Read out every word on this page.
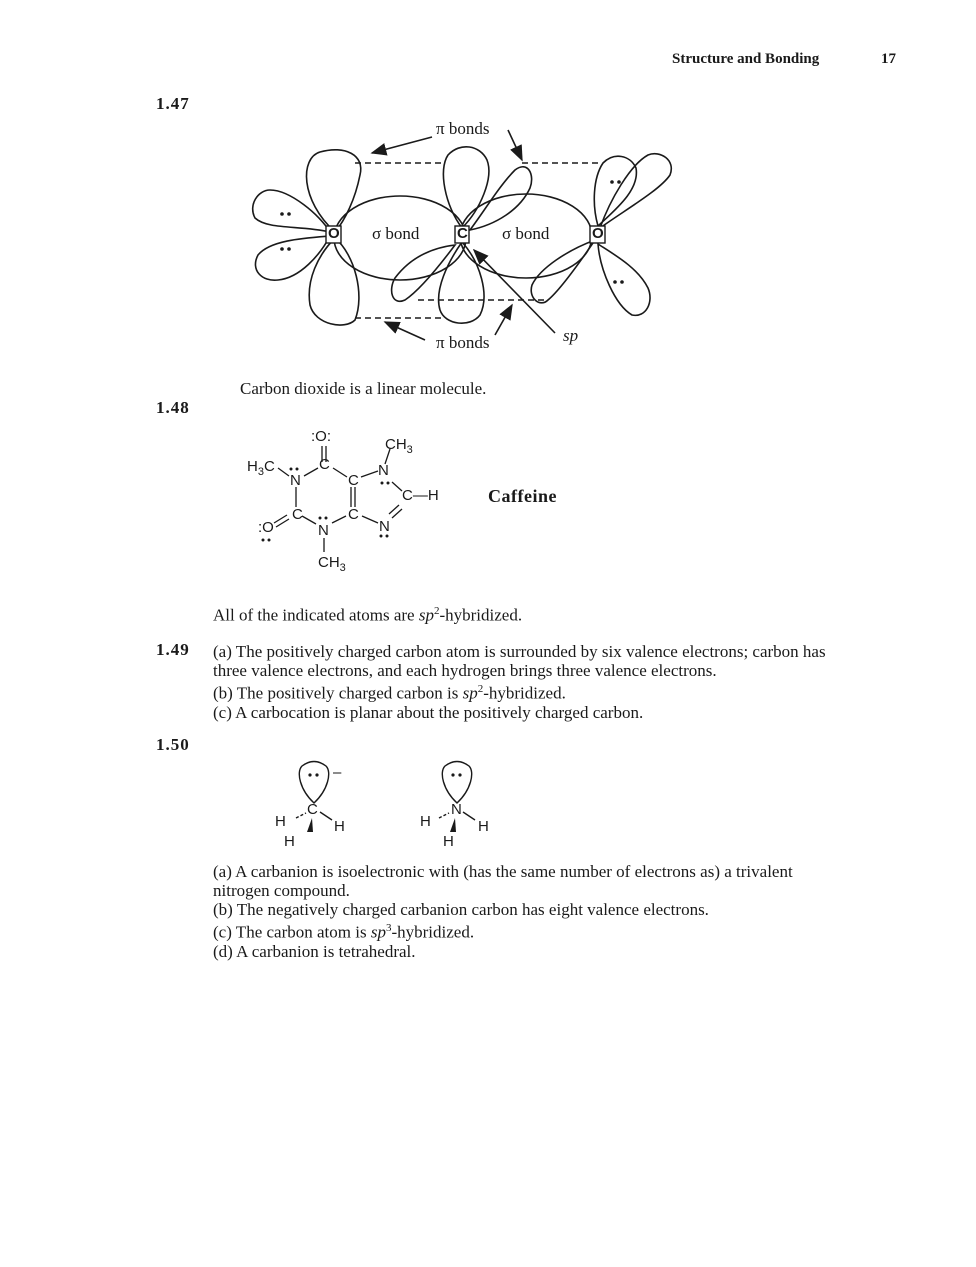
Structure and Bonding	17
1.47
π bonds
π bonds
σ bond	σ bond
sp
O	C	O
Carbon dioxide is a linear molecule.
1.48
:O:	$CH_3$
$H_3C$
N
C
C
N
C—H
C
C
N
N
:O
$CH_3$
Caffeine
All of the indicated atoms are $sp^2$-hybridized.
1.49 (a) The positively charged carbon atom is surrounded by six valence electrons; carbon has
three valence electrons, and each hydrogen brings three valence electrons.
(b) The positively charged carbon is $sp^2$-hybridized.
(c) A carbocation is planar about the positively charged carbon.
1.50
–
C
H	H
H
N
H	H
H
(a) A carbanion is isoelectronic with (has the same number of electrons as) a trivalent
nitrogen compound.
(b) The negatively charged carbanion carbon has eight valence electrons.
(c) The carbon atom is $sp^3$-hybridized.
(d) A carbanion is tetrahedral.
